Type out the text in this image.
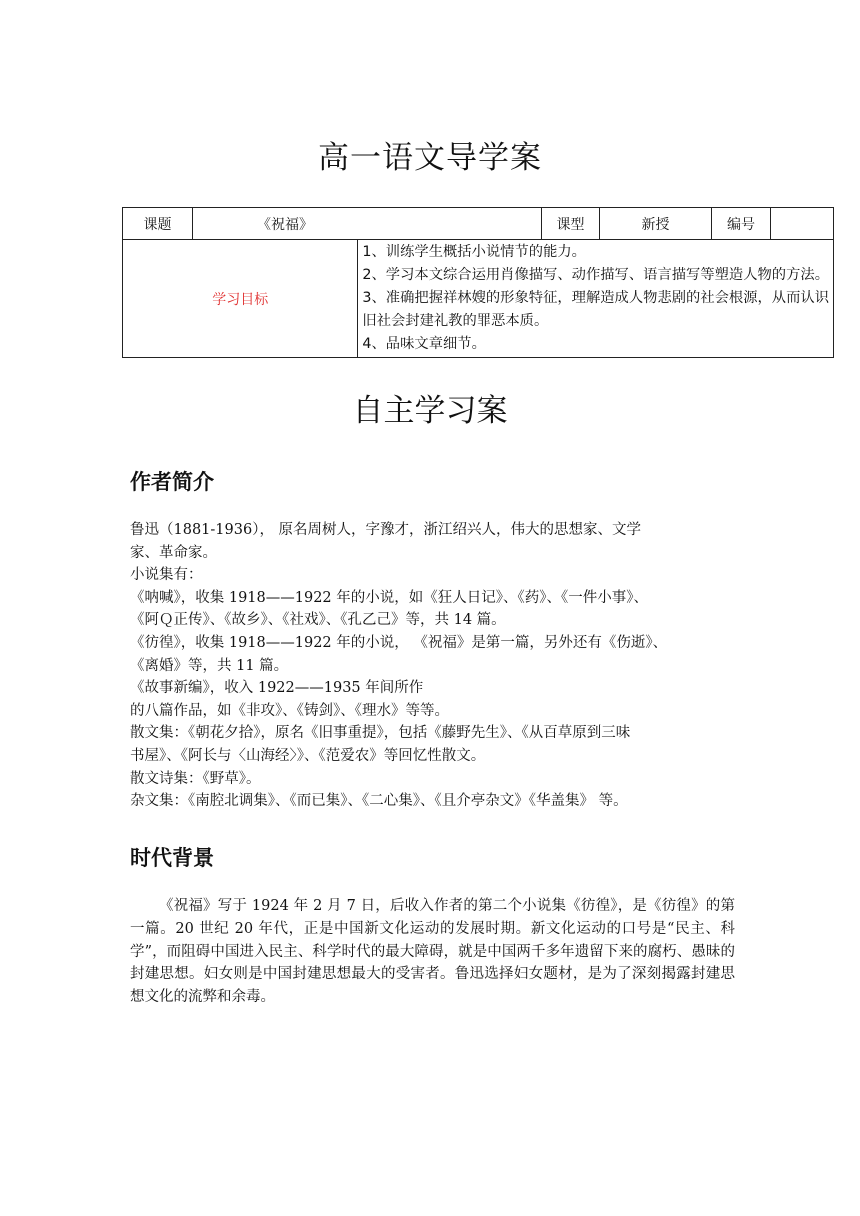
高一语文导学案
课题	《祝福》		课型	新授	编号	
学习目标		1、训练学生概括小说情节的能力。
2、学习本文综合运用肖像描写、动作描写、语言描写等塑造人物的方法。
3、准确把握祥林嫂的形象特征，理解造成人物悲剧的社会根源，从而认识
旧社会封建礼教的罪恶本质。
4、品味文章细节。				
自主学习案
作者简介
鲁迅（1881-1936）， 原名周树人，字豫才，浙江绍兴人，伟大的思想家、文学
家、革命家。
小说集有：
《呐喊》，收集 1918——1922 年的小说，如《狂人日记》、《药》、《一件小事》、
《阿Ｑ正传》、《故乡》、《社戏》、《孔乙己》等，共 14 篇。
《彷徨》，收集 1918——1922 年的小说， 《祝福》是第一篇，另外还有《伤逝》、
《离婚》等，共 11 篇。
《故事新编》，收入 1922——1935 年间所作
的八篇作品，如《非攻》、《铸剑》、《理水》等等。
散文集：《朝花夕拾》，原名《旧事重提》，包括《藤野先生》、《从百草原到三味
书屋》、《阿长与〈山海经〉》、《范爱农》等回忆性散文。
散文诗集：《野草》。
杂文集：《南腔北调集》、《而已集》、《二心集》、《且介亭杂文》《华盖集》 等。
时代背景
《祝福》写于 1924 年 2 月 7 日，后收入作者的第二个小说集《彷徨》，是《彷徨》的第一篇。20 世纪 20 年代，正是中国新文化运动的发展时期。新文化运动的口号是“民主、科学”，而阻碍中国进入民主、科学时代的最大障碍，就是中国两千多年遗留下来的腐朽、愚昧的封建思想。妇女则是中国封建思想最大的受害者。鲁迅选择妇女题材，是为了深刻揭露封建思想文化的流弊和余毒。
